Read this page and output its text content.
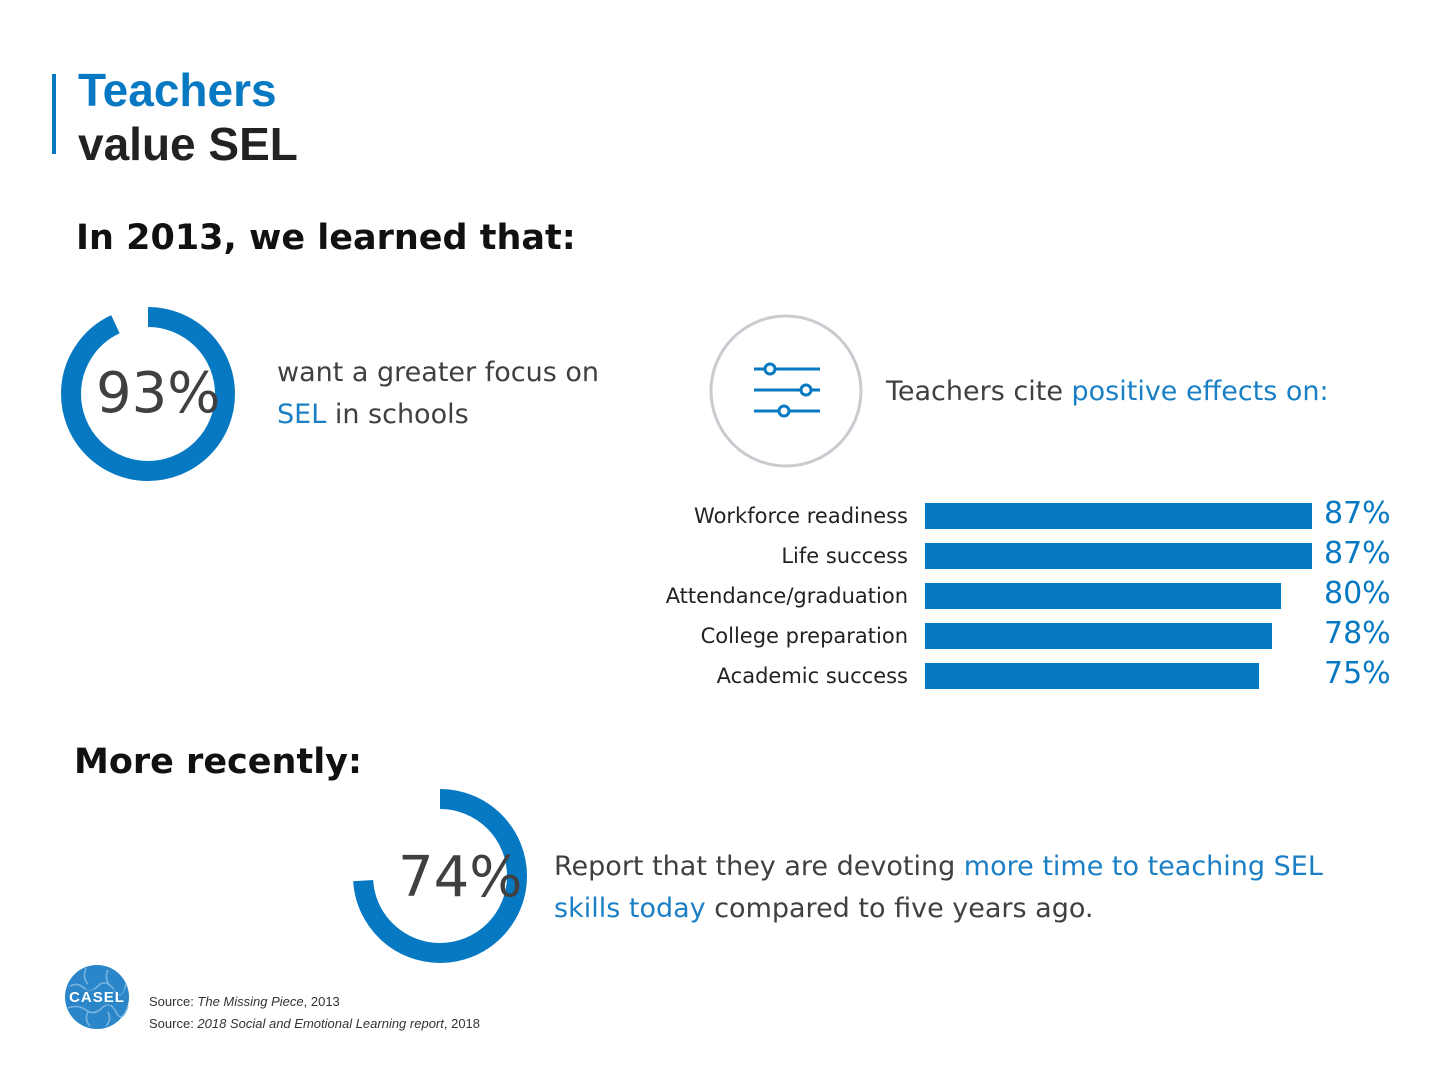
Teachers
value SEL
In 2013, we learned that:
93% want a greater focus on
SEL in schools
Teachers cite positive effects on:
Workforce readiness	87%
Life success	87%
Attendance/graduation	80%
College preparation	78%
Academic success	75%
More recently:
74% Report that they are devoting more time to teaching SEL skills today compared to five years ago.
CASEL Source: The Missing Piece, 2013
Source: 2018 Social and Emotional Learning report, 2018
